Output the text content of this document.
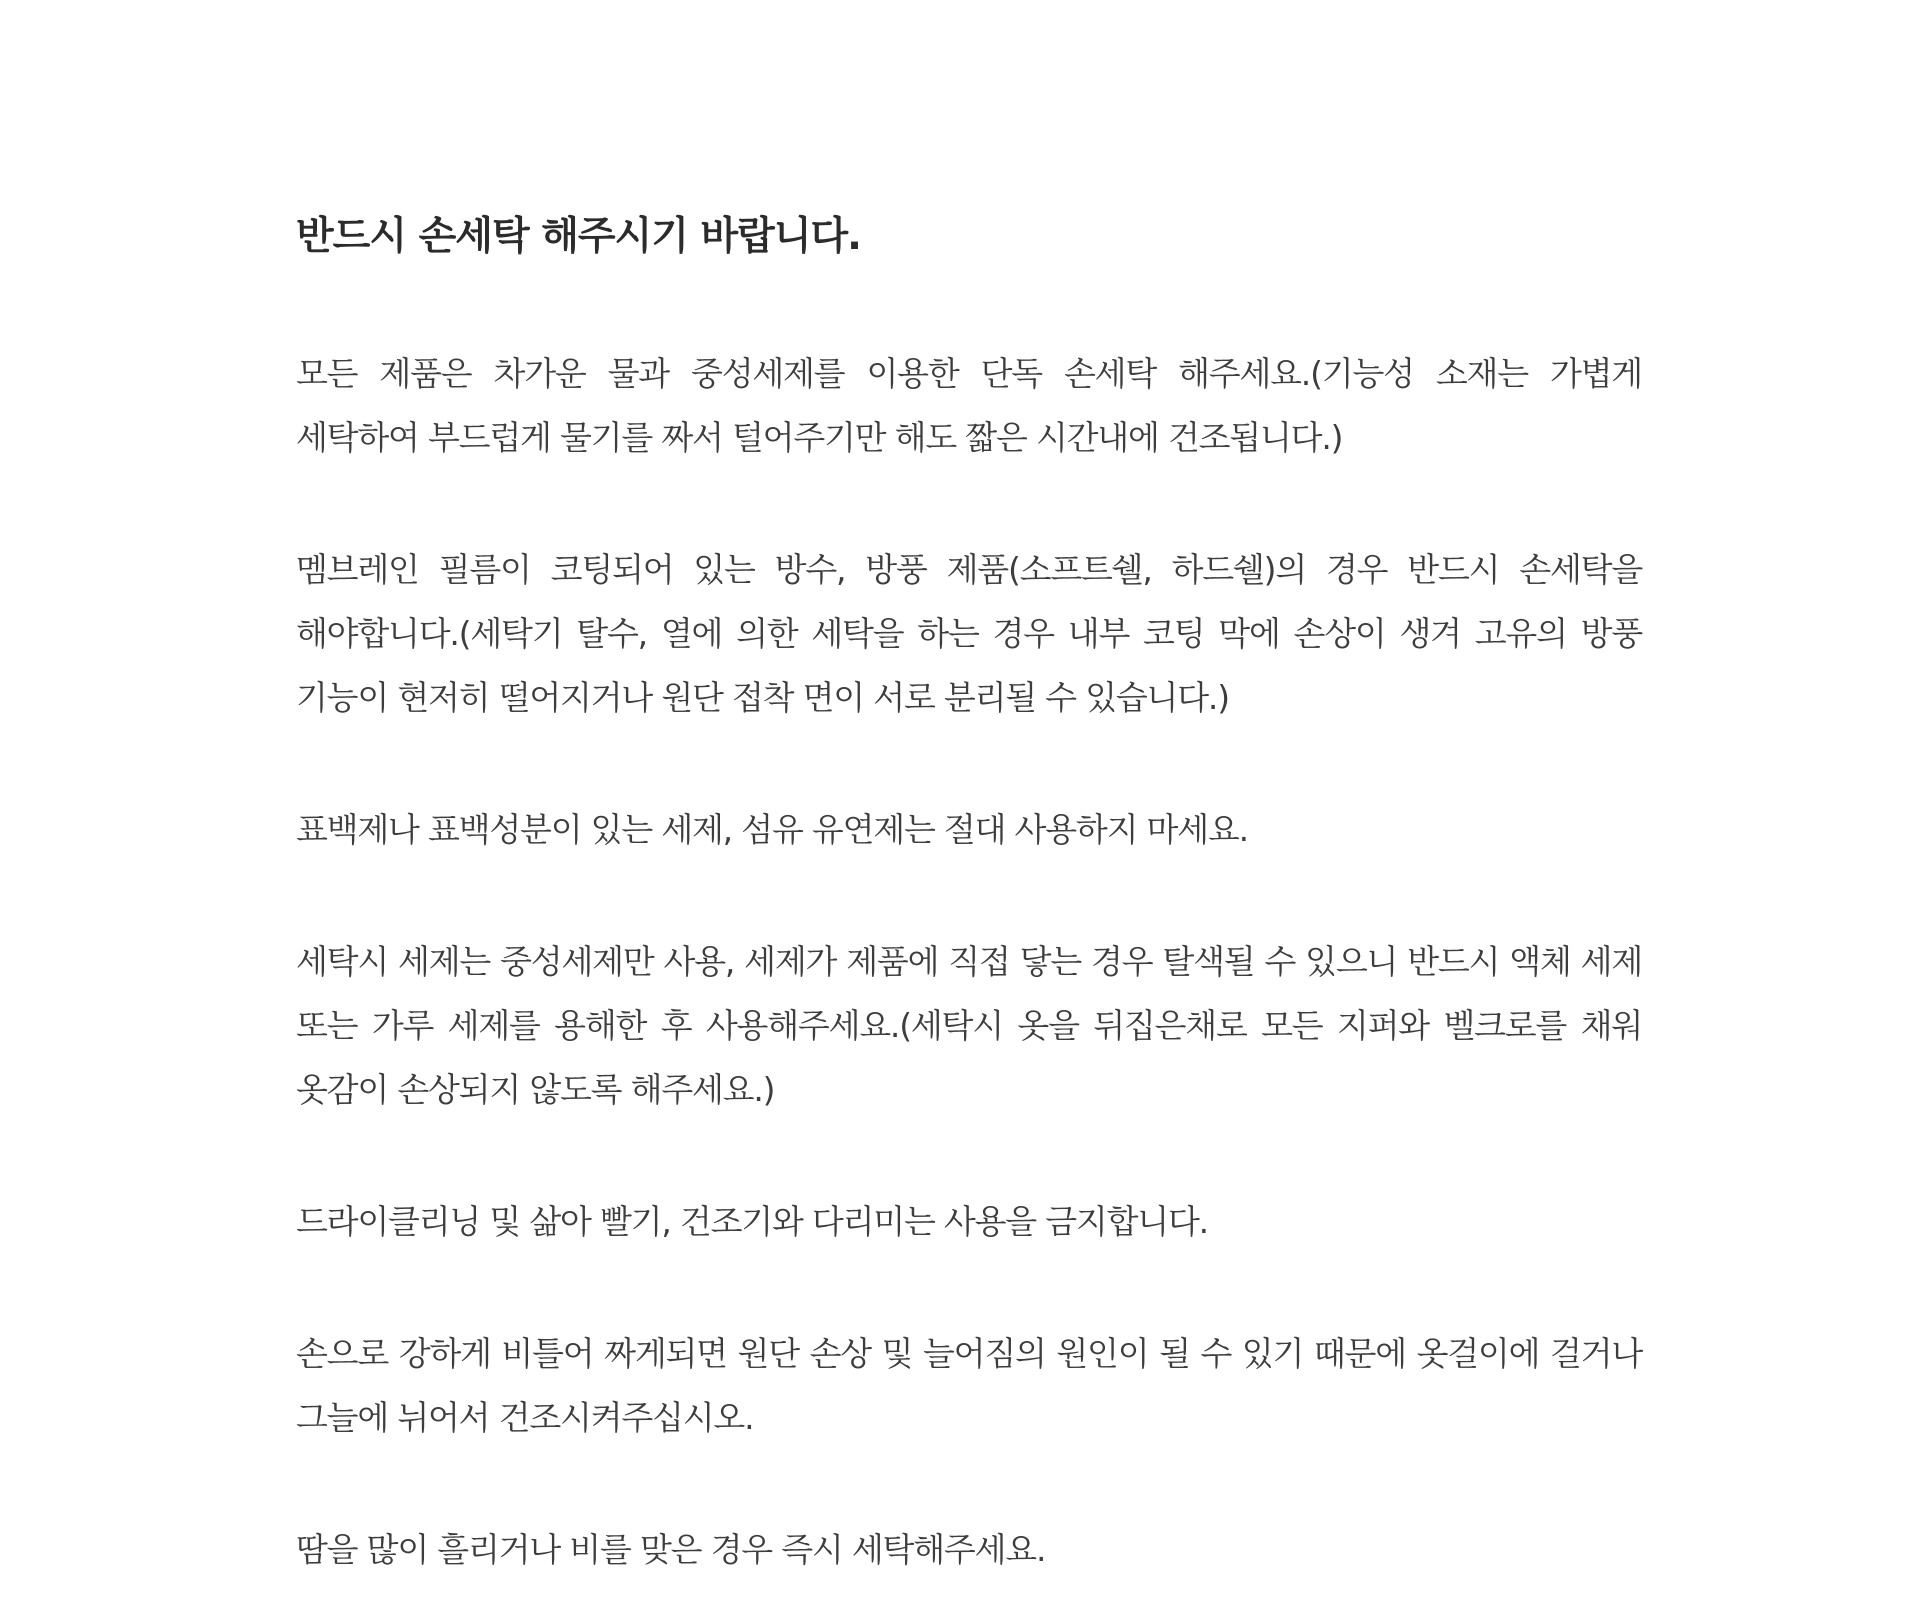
반드시 손세탁 해주시기 바랍니다.

모든 제품은 차가운 물과 중성세제를 이용한 단독 손세탁 해주세요.(기능성 소재는 가볍게 세탁하여 부드럽게 물기를 짜서 털어주기만 해도 짧은 시간내에 건조됩니다.)

멤브레인 필름이 코팅되어 있는 방수, 방풍 제품(소프트쉘, 하드쉘)의 경우 반드시 손세탁을 해야합니다.(세탁기 탈수, 열에 의한 세탁을 하는 경우 내부 코팅 막에 손상이 생겨 고유의 방풍 기능이 현저히 떨어지거나 원단 접착 면이 서로 분리될 수 있습니다.)

표백제나 표백성분이 있는 세제, 섬유 유연제는 절대 사용하지 마세요.

세탁시 세제는 중성세제만 사용, 세제가 제품에 직접 닿는 경우 탈색될 수 있으니 반드시 액체 세제 또는 가루 세제를 용해한 후 사용해주세요.(세탁시 옷을 뒤집은채로 모든 지퍼와 벨크로를 채워 옷감이 손상되지 않도록 해주세요.)

드라이클리닝 및 삶아 빨기, 건조기와 다리미는 사용을 금지합니다.

손으로 강하게 비틀어 짜게되면 원단 손상 및 늘어짐의 원인이 될 수 있기 때문에 옷걸이에 걸거나 그늘에 뉘어서 건조시켜주십시오.

땀을 많이 흘리거나 비를 맞은 경우 즉시 세탁해주세요.
